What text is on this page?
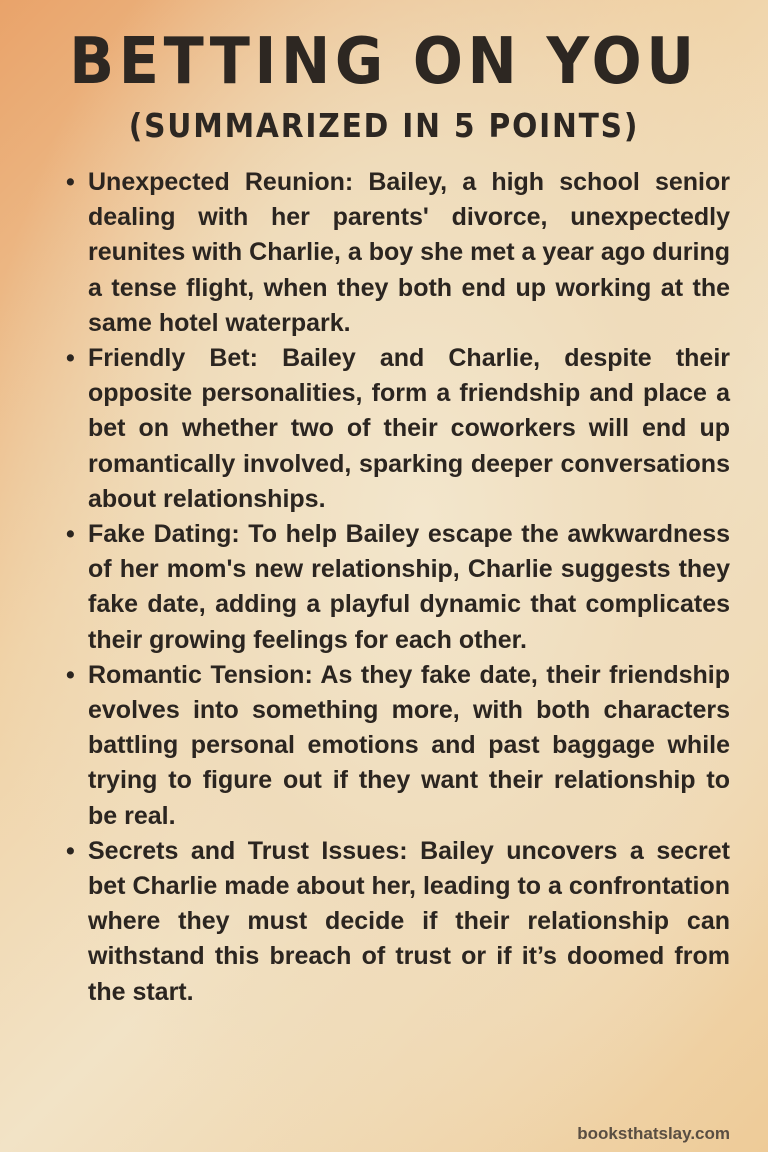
BETTING ON YOU
(SUMMARIZED IN 5 POINTS)
• Unexpected Reunion: Bailey, a high school senior dealing with her parents' divorce, unexpectedly reunites with Charlie, a boy she met a year ago during a tense flight, when they both end up working at the same hotel waterpark.
• Friendly Bet: Bailey and Charlie, despite their opposite personalities, form a friendship and place a bet on whether two of their coworkers will end up romantically involved, sparking deeper conversations about relationships.
• Fake Dating: To help Bailey escape the awkwardness of her mom's new relationship, Charlie suggests they fake date, adding a playful dynamic that complicates their growing feelings for each other.
• Romantic Tension: As they fake date, their friendship evolves into something more, with both characters battling personal emotions and past baggage while trying to figure out if they want their relationship to be real.
• Secrets and Trust Issues: Bailey uncovers a secret bet Charlie made about her, leading to a confrontation where they must decide if their relationship can withstand this breach of trust or if it’s doomed from the start.
booksthatslay.com
